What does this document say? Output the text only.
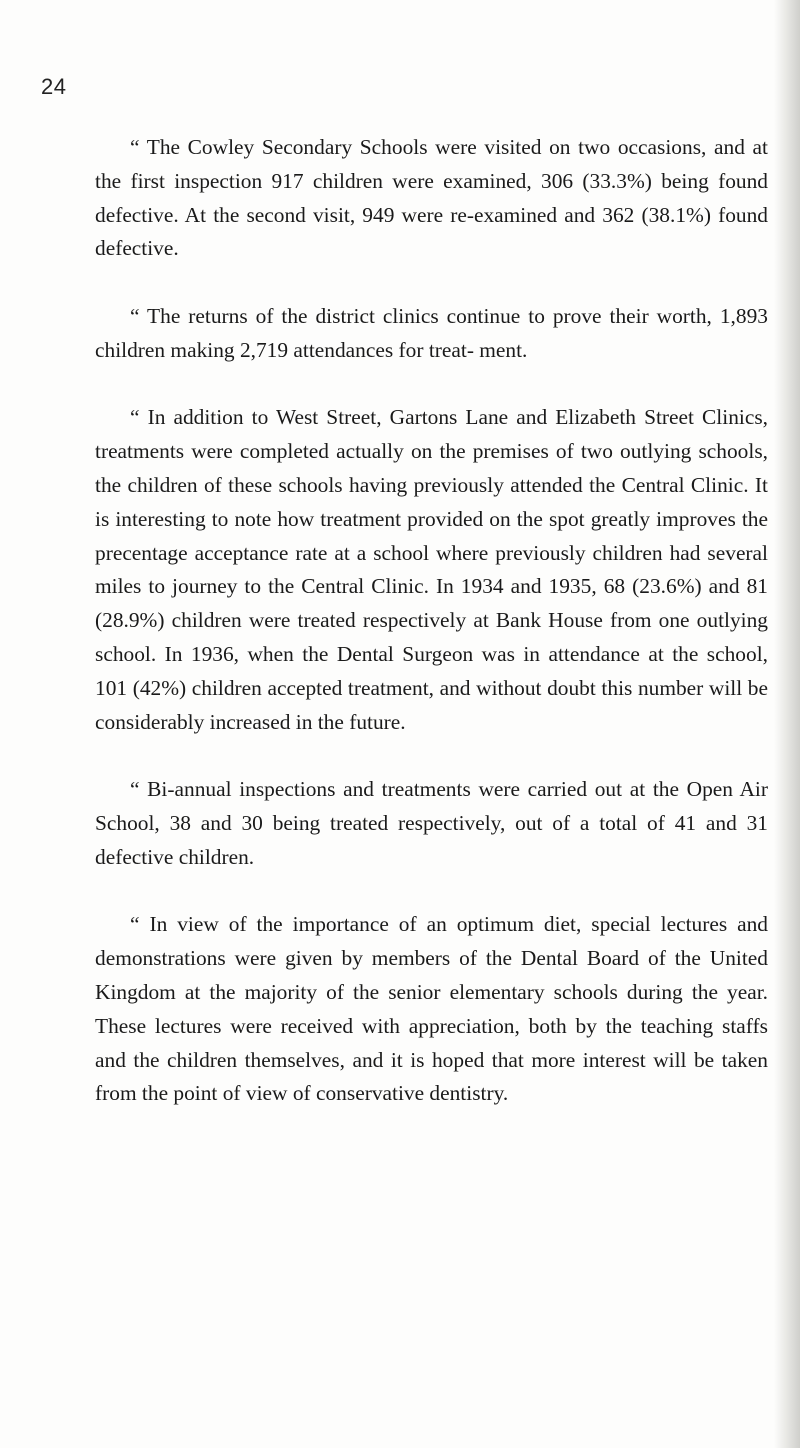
24

“ The Cowley Secondary Schools were visited on two occasions, and at the first inspection 917 children were examined, 306 (33.3%) being found defective. At the second visit, 949 were re-examined and 362 (38.1%) found defective.

“ The returns of the district clinics continue to prove their worth, 1,893 children making 2,719 attendances for treat- ment.

“ In addition to West Street, Gartons Lane and Elizabeth Street Clinics, treatments were completed actually on the premises of two outlying schools, the children of these schools having previously attended the Central Clinic. It is interesting to note how treatment provided on the spot greatly improves the precentage acceptance rate at a school where previously children had several miles to journey to the Central Clinic. In 1934 and 1935, 68 (23.6%) and 81 (28.9%) children were treated respectively at Bank House from one outlying school. In 1936, when the Dental Surgeon was in attendance at the school, 101 (42%) children accepted treatment, and without doubt this number will be considerably increased in the future.

“ Bi-annual inspections and treatments were carried out at the Open Air School, 38 and 30 being treated respectively, out of a total of 41 and 31 defective children.

“ In view of the importance of an optimum diet, special lectures and demonstrations were given by members of the Dental Board of the United Kingdom at the majority of the senior elementary schools during the year. These lectures were received with appreciation, both by the teaching staffs and the children themselves, and it is hoped that more interest will be taken from the point of view of conservative dentistry.
